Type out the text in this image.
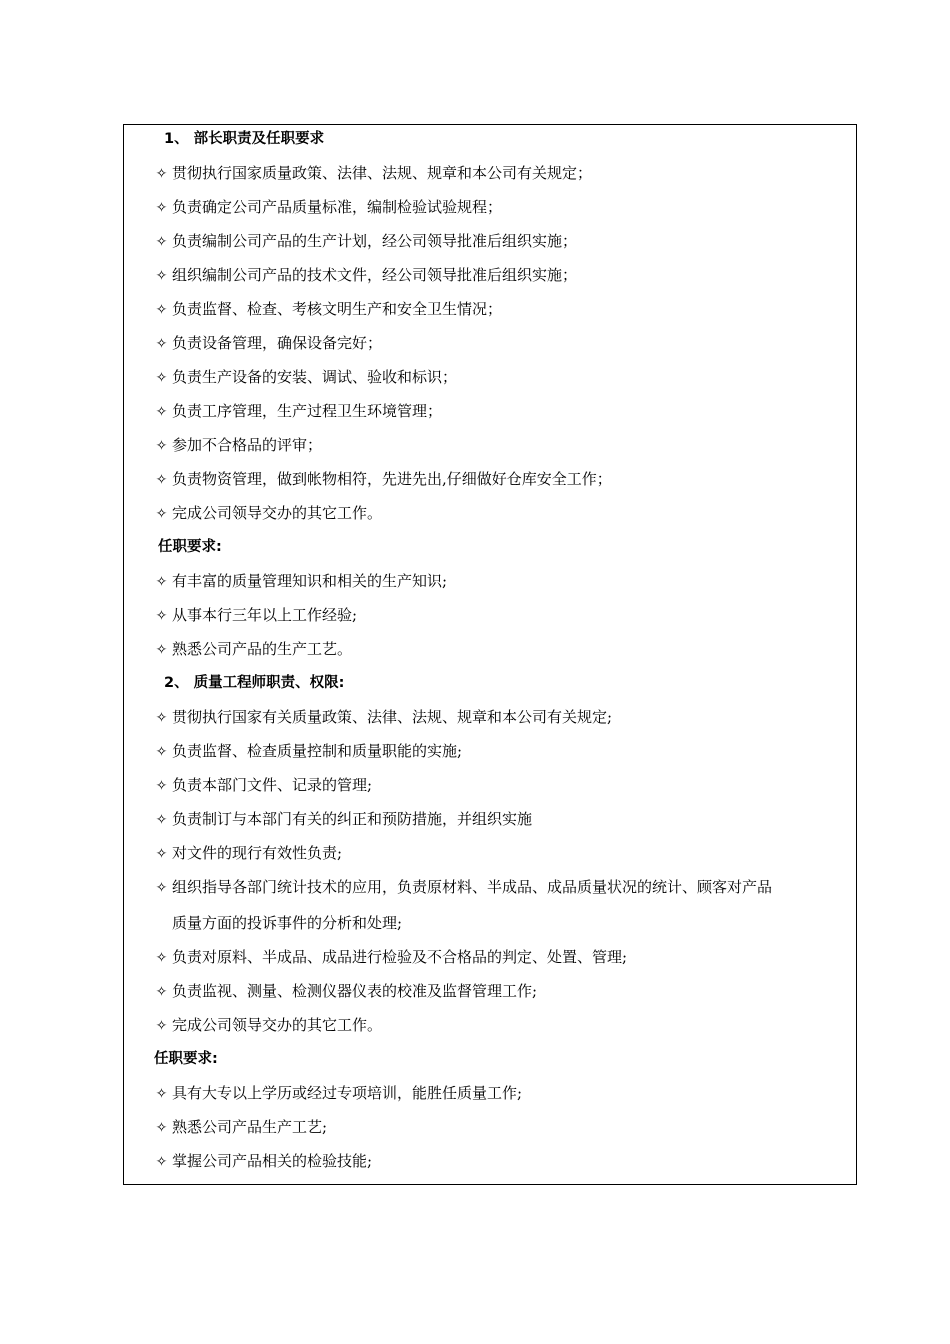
1、 部长职责及任职要求
✧ 贯彻执行国家质量政策、法律、法规、规章和本公司有关规定；
✧ 负责确定公司产品质量标准，编制检验试验规程；
✧ 负责编制公司产品的生产计划，经公司领导批准后组织实施；
✧ 组织编制公司产品的技术文件，经公司领导批准后组织实施；
✧ 负责监督、检查、考核文明生产和安全卫生情况；
✧ 负责设备管理，确保设备完好；
✧ 负责生产设备的安装、调试、验收和标识；
✧ 负责工序管理，生产过程卫生环境管理；
✧ 参加不合格品的评审；
✧ 负责物资管理，做到帐物相符，先进先出,仔细做好仓库安全工作；
✧ 完成公司领导交办的其它工作。
任职要求:
✧ 有丰富的质量管理知识和相关的生产知识;
✧ 从事本行三年以上工作经验;
✧ 熟悉公司产品的生产工艺。
2、 质量工程师职责、权限:
✧ 贯彻执行国家有关质量政策、法律、法规、规章和本公司有关规定;
✧ 负责监督、检查质量控制和质量职能的实施;
✧ 负责本部门文件、记录的管理;
✧ 负责制订与本部门有关的纠正和预防措施，并组织实施
✧ 对文件的现行有效性负责;
✧ 组织指导各部门统计技术的应用，负责原材料、半成品、成品质量状况的统计、顾客对产品
质量方面的投诉事件的分析和处理;
✧ 负责对原料、半成品、成品进行检验及不合格品的判定、处置、管理;
✧ 负责监视、测量、检测仪器仪表的校准及监督管理工作;
✧ 完成公司领导交办的其它工作。
任职要求:
✧ 具有大专以上学历或经过专项培训，能胜任质量工作;
✧ 熟悉公司产品生产工艺;
✧ 掌握公司产品相关的检验技能;
